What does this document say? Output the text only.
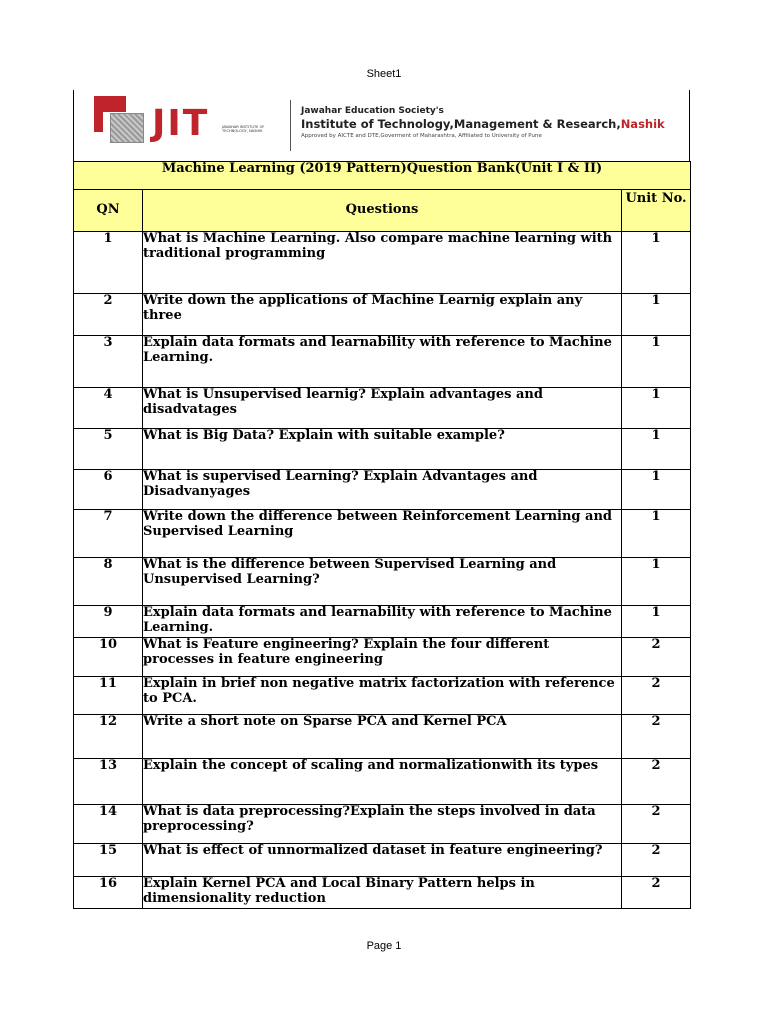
Sheet1
JIT	JAWAHAR INSTITUTE OF TECHNOLOGY, NASHIK
Jawahar Education Society's
Institute of Technology,Management & Research,Nashik
Approved by AICTE and DTE,Goverment of Maharashtra, Affiliated to University of Pune
Machine Learning (2019 Pattern)Question Bank(Unit I & II)		
QN	Questions	Unit No.
1	What is Machine Learning. Also compare machine learning with traditional programming	1
2	Write down the applications of Machine Learnig explain any three	1
3	Explain data formats and learnability with reference to Machine Learning.	1
4	What is Unsupervised learnig? Explain advantages and disadvatages	1
5	What is Big Data? Explain with suitable example?	1
6	What is supervised Learning? Explain Advantages and Disadvanyages	1
7	Write down the difference between Reinforcement Learning and Supervised Learning	1
8	What is the difference between Supervised Learning and Unsupervised Learning?	1
9	Explain data formats and learnability with reference to Machine Learning.	1
10	What is Feature engineering? Explain the four different processes in feature engineering	2
11	Explain in brief non negative matrix factorization with reference to PCA.	2
12	Write a short note on Sparse PCA and Kernel PCA	2
13	Explain the concept of scaling and normalizationwith its types	2
14	What is data preprocessing?Explain the steps involved in data preprocessing?	2
15	What is effect of unnormalized dataset in feature engineering?	2
16	Explain Kernel PCA and Local Binary Pattern helps in dimensionality reduction	2
Page 1
